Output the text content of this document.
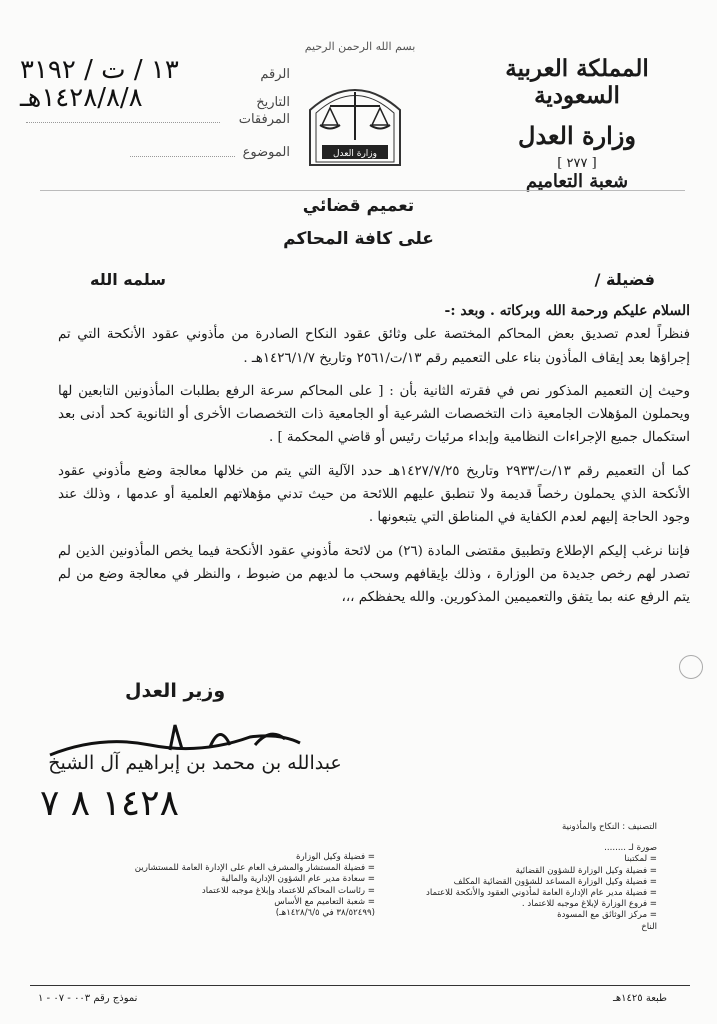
بسم الله الرحمن الرحيم
المملكة العربية السعودية
وزارة العدل
[ ٢٧٧ ]
شعبة التعاميم
وزارة العدل
الرقم
١٣ / ت / ٣١٩٢
التاريخ
١٤٢٨/٨/٨هـ
المرفقات
الموضوع
تعميم قضائي
على كافة المحاكم
فضيلة /
سلمه الله

السلام عليكم ورحمة الله وبركاته . وبعد :-

فنظراً لعدم تصديق بعض المحاكم المختصة على وثائق عقود النكاح الصادرة من مأذوني عقود الأنكحة التي تم إجراؤها بعد إيقاف المأذون بناء على التعميم رقم ١٣/ت/٢٥٦١ وتاريخ ١٤٢٦/١/٧هـ .

وحيث إن التعميم المذكور نص في فقرته الثانية بأن : [ على المحاكم سرعة الرفع بطلبات المأذونين التابعين لها ويحملون المؤهلات الجامعية ذات التخصصات الشرعية أو الجامعية ذات التخصصات الأخرى أو الثانوية كحد أدنى بعد استكمال جميع الإجراءات النظامية وإبداء مرئيات رئيس أو قاضي المحكمة ] .

كما أن التعميم رقم ١٣/ت/٢٩٣٣ وتاريخ ١٤٢٧/٧/٢٥هـ حدد الآلية التي يتم من خلالها معالجة وضع مأذوني عقود الأنكحة الذي يحملون رخصاً قديمة ولا تنطبق عليهم اللائحة من حيث تدني مؤهلاتهم العلمية أو عدمها ، وذلك عند وجود الحاجة إليهم لعدم الكفاية في المناطق التي يتبعونها .

فإننا نرغب إليكم الإطلاع وتطبيق مقتضى المادة (٢٦) من لائحة مأذوني عقود الأنكحة فيما يخص المأذونين الذين لم تصدر لهم رخص جديدة من الوزارة ، وذلك بإيقافهم وسحب ما لديهم من ضبوط ، والنظر في معالجة وضع من لم يتم الرفع عنه بما يتفق والتعميمين المذكورين. والله يحفظكم ،،،

وزير العدل
عبدالله بن محمد بن إبراهيم آل الشيخ
١٤٢٨ ٨ ٧
التصنيف : النكاح والمأذونية
صورة لـ ........
= لمكتبنا
= فضيلة وكيل الوزارة للشؤون القضائية
= فضيلة وكيل الوزارة المساعد للشؤون القضائية المكلف
= فضيلة مدير عام الإدارة العامة لمأذوني العقود والأنكحة للاعتماد
= فروع الوزارة لإبلاغ موجبه للاعتماد .
= مركز الوثائق مع المسودة
الناخ
= فضيلة وكيل الوزارة
= فضيلة المستشار والمشرف العام على الإدارة العامة للمستشارين
= سعادة مدير عام الشؤون الإدارية والمالية
= رئاسات المحاكم للاعتماد وإبلاغ موجبه للاعتماد
= شعبة التعاميم مع الأساس
(٣٨/٥٢٤٩٩ في ١٤٢٨/٦/٥هـ)
نموذج رقم ٠٠٣ - ٠٧ - ١	طبعة ١٤٢٥هـ
